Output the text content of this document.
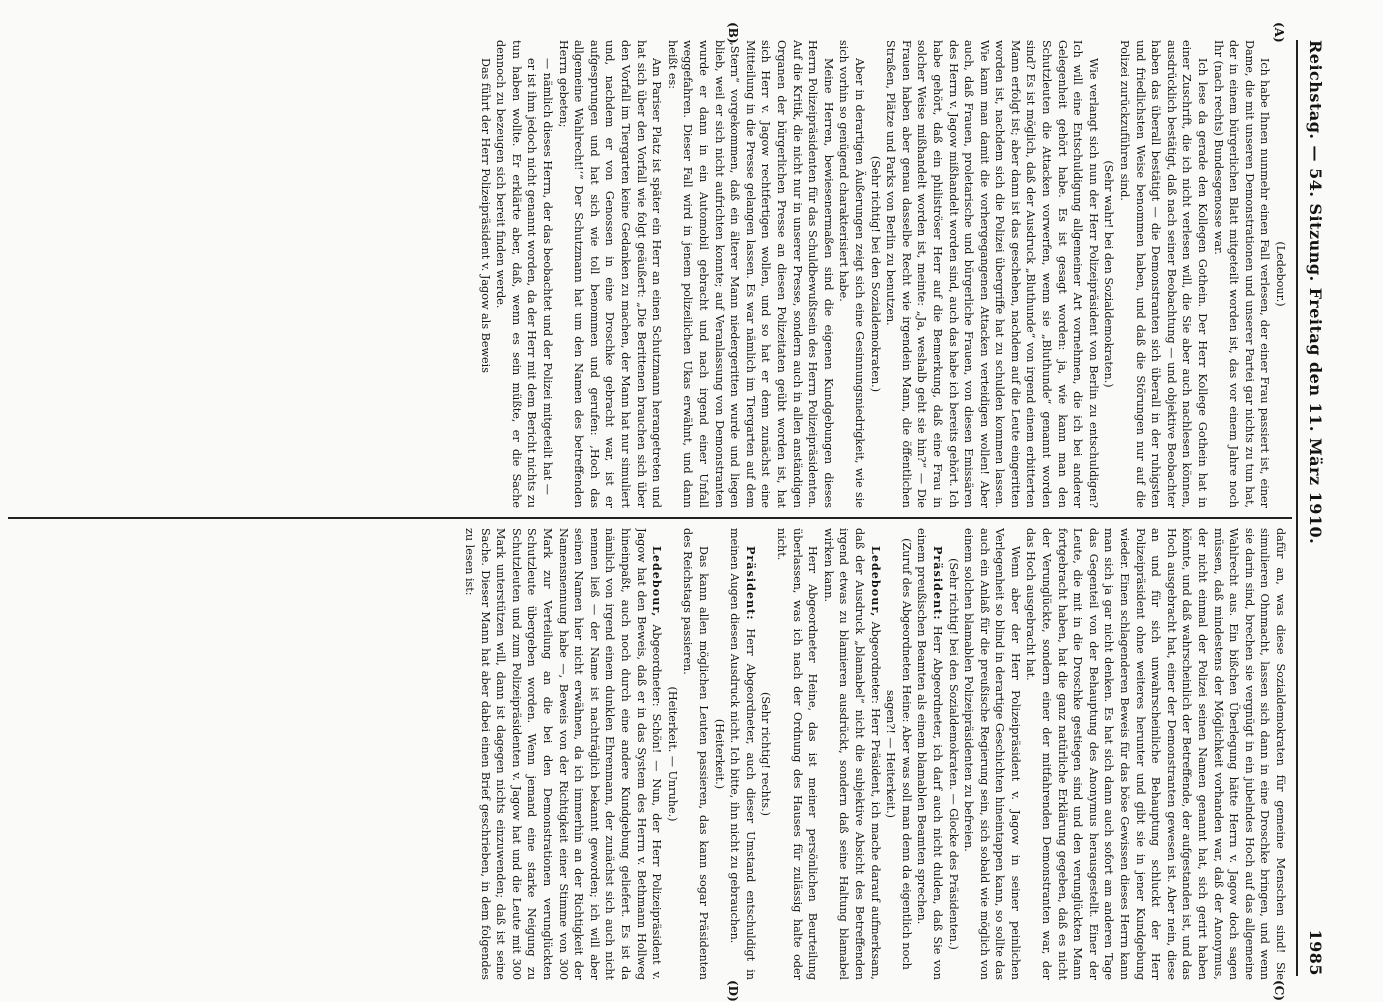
Reichstag. — 54. Sitzung. Freitag den 11. März 1910.
1985
(A)
(B)
(C)
(D)

(Ledebour.)

Ich habe Ihnen nunmehr einen Fall verlesen, der einer Frau passiert ist, einer Dame, die mit unseren Demonstrationen und unserer Partei gar nichts zu tun hat, der in einem bürgerlichen Blatt mitgeteilt worden ist, das vor einem Jahre noch Ihr (nach rechts) Bundesgenosse war.

Ich lese da gerade den Kollegen Gothein. Der Herr Kollege Gothein hat in einer Zuschrift, die ich nicht verlesen will, die Sie aber auch nachlesen können, ausdrücklich bestätigt, daß nach seiner Beobachtung — und objektive Beobachter haben das überall bestätigt — die Demonstranten sich überall in der ruhigsten und friedlichsten Weise benommen haben, und daß die Störungen nur auf die Polizei zurückzuführen sind.

(Sehr wahr! bei den Sozialdemokraten.)

Wie verlangt sich nun der Herr Polizeipräsident von Berlin zu entschuldigen? Ich will eine Entschuldigung allgemeiner Art vornehmen, die ich bei anderer Gelegenheit gehört habe. Es ist gesagt worden: ja, wie kann man den Schutzleuten die Attacken vorwerfen, wenn sie „Bluthunde“ genannt worden sind? Es ist möglich, daß der Ausdruck „Bluthunde“ von irgend einem erbitterten Mann erfolgt ist; aber dann ist das geschehen, nachdem auf die Leute eingeritten worden ist, nachdem sich die Polizei übergriffe hat zu schulden kommen lassen. Wie kann man damit die vorhergegangenen Attacken verteidigen wollen! Aber auch, daß Frauen, proletarische und bürgerliche Frauen, von diesen Emissären des Herrn v. Jagow mißhandelt worden sind, auch das habe ich bereits gehört. Ich habe gehört, daß ein philiströser Herr auf die Bemerkung, daß eine Frau in solcher Weise mißhandelt worden ist, meinte: „Ja, weshalb geht sie hin?“ — Die Frauen haben aber genau dasselbe Recht wie irgendein Mann, die öffentlichen Straßen, Plätze und Parks von Berlin zu benutzen.

(Sehr richtig! bei den Sozialdemokraten.)

Aber in derartigen Äußerungen zeigt sich eine Gesinnungsniedrigkeit, wie sie sich vorhin so genügend charakterisiert habe.

Meine Herren, bewiesenermaßen sind die eigenen Kundgebungen dieses Herrn Polizeipräsidenten für das Schuldbewußtsein des Herrn Polizeipräsidenten. Auf die Kritik, die nicht nur in unserer Presse, sondern auch in allen anständigen Organen der bürgerlichen Presse an diesen Polizeitaten geübt worden ist, hat sich Herr v. Jagow rechtfertigen wollen, und so hat er denn zunächst eine Mitteilung in die Presse gelangen lassen. Es war nämlich im Tiergarten auf dem „Stern“ vorgekommen, daß ein älterer Mann niedergeritten wurde und liegen blieb, weil er sich nicht aufrichten konnte; auf Veranlassung von Demonstranten wurde er dann in ein Automobil gebracht und nach irgend einer Unfall weggefahren. Dieser Fall wird in jenem polizeilichen Ukas erwähnt, und dann heißt es:

Am Pariser Platz ist später ein Herr an einen Schutzmann herangetreten und hat sich über den Vorfall wie folgt geäußert: „Die Berittenen brauchen sich über den Vorfall im Tiergarten keine Gedanken zu machen, der Mann hat nur simuliert und, nachdem er von Genossen in eine Droschke gebracht war, ist er aufgesprungen und hat sich wie toll benommen und gerufen: ‚Hoch das allgemeine Wahlrecht!‘“ Der Schutzmann hat um den Namen des betreffenden Herrn gebeten;

— nämlich dieses Herrn, der das beobachtet und der Polizei mitgeteilt hat —

er ist ihm jedoch nicht genannt worden, da der Herr mit dem Bericht nichts zu tun haben wollte. Er erklärte aber, daß, wenn es sein müßte, er die Sache dennoch zu bezeugen sich bereit finden werde.

Das führt der Herr Polizeipräsident v. Jagow als Beweis

dafür an, was diese Sozialdemokraten für gemeine Menschen sind! Sie simulieren Ohnmacht, lassen sich dann in eine Droschke bringen, und wenn sie darin sind, brechen sie vergnügt in ein jubelndes Hoch auf das allgemeine Wahlrecht aus. Ein bißchen Überlegung hätte Herrn v. Jagow doch sagen müssen, daß mindestens der Möglichkeit vorhanden war, daß der Anonymus, der nicht einmal der Polizei seinen Namen genannt hat, sich gerirt haben könnte, und daß wahrscheinlich der Betreffende, der aufgestanden ist, und das Hoch ausgebracht hat, einer der Demonstranten gewesen ist. Aber nein, diese an und für sich unwahrscheinliche Behauptung schluckt der Herr Polizeipräsident ohne weiteres herunter und gibt sie in jener Kundgebung wieder. Einen schlagenderen Beweis für das böse Gewissen dieses Herrn kann man sich ja gar nicht denken. Es hat sich dann auch sofort am anderen Tage das Gegenteil von der Behauptung des Anonymus herausgestellt. Einer der Leute, die mit in die Droschke gestiegen sind und den verunglückten Mann fortgebracht haben, hat die ganz natürliche Erklärung gegeben, daß es nicht der Verunglückte, sondern einer der mitfahrenden Demonstranten war, der das Hoch ausgebracht hat.

Wenn aber der Herr Polizeipräsident v. Jagow in seiner peinlichen Verlegenheit so blind in derartige Geschichten hineintappen kann, so sollte das auch ein Anlaß für die preußische Regierung sein, sich sobald wie möglich von einem solchen blamablen Polizeipräsidenten zu befreien.

(Sehr richtig! bei den Sozialdemokraten. — Glocke des Präsidenten.)

Präsident: Herr Abgeordneter, ich darf auch nicht dulden, daß Sie von einem preußischen Beamten als einem blamablen Beamten sprechen.

(Zuruf des Abgeordneten Heine: Aber was soll man denn da eigentlich noch sagen?! — Heiterkeit.)

Ledebour, Abgeordneter: Herr Präsident, ich mache darauf aufmerksam, daß der Ausdruck „blamabel“ nicht die subjektive Absicht des Betreffenden irgend etwas zu blamieren ausdrückt, sondern daß seine Haltung blamabel wirken kann.

Herr Abgeordneter Heine, das ist meiner persönlichen Beurteilung überlassen, was ich nach der Ordnung des Hauses für zulässig halte oder nicht.

(Sehr richtig! rechts.)

Präsident: Herr Abgeordneter, auch dieser Umstand entschuldigt in meinen Augen diesen Ausdruck nicht. Ich bitte, ihn nicht zu gebrauchen.

(Heiterkeit.)

Das kann allen möglichen Leuten passieren, das kann sogar Präsidenten des Reichstags passieren.

(Heiterkeit. — Unruhe.)

Ledebour, Abgeordneter: Schön! — Nun, der Herr Polizeipräsident v. Jagow hat den Beweis, daß er in das System des Herrn v. Bethmann Hollweg hineinpaßt, auch noch durch eine andere Kundgebung geliefert. Es ist da nämlich von irgend einem dunklen Ehrenmann, der zunächst sich auch nicht nennen ließ — der Name ist nachträglich bekannt geworden; ich will aber seinen Namen hier nicht erwähnen, da ich immerhin an der Richtigkeit der Namensnennung habe —, Beweis von der Richtigkeit einer Stimme von 300 Mark zur Verteilung an die bei den Demonstrationen verunglückten Schutzleute übergeben worden. Wenn jemand eine starke Neigung zu Schutzleuten und zum Polizeipräsidenten v. Jagow hat und die Leute mit 300 Mark unterstützen will, dann ist dagegen nichts einzuwenden; daß ist seine Sache. Dieser Mann hat aber dabei einen Brief geschrieben, in dem folgendes zu lesen ist:
